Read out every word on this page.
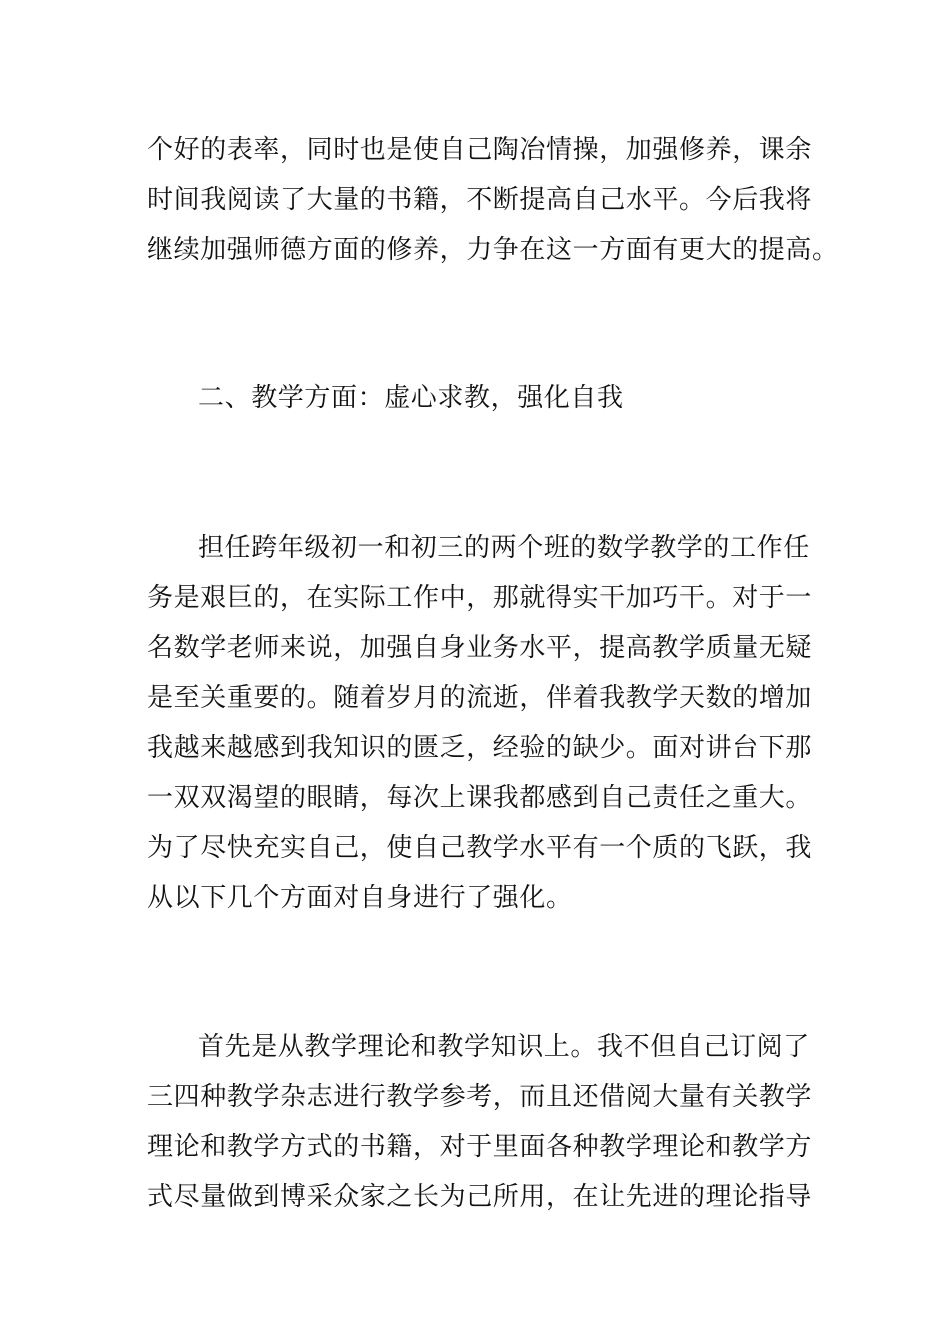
个好的表率，同时也是使自己陶冶情操，加强修养，课余
时间我阅读了大量的书籍，不断提高自己水平。今后我将
继续加强师德方面的修养，力争在这一方面有更大的提高。
二、教学方面：虚心求教，强化自我
担任跨年级初一和初三的两个班的数学教学的工作任
务是艰巨的，在实际工作中，那就得实干加巧干。对于一
名数学老师来说，加强自身业务水平，提高教学质量无疑
是至关重要的。随着岁月的流逝，伴着我教学天数的增加
我越来越感到我知识的匮乏，经验的缺少。面对讲台下那
一双双渴望的眼睛，每次上课我都感到自己责任之重大。
为了尽快充实自己，使自己教学水平有一个质的飞跃，我
从以下几个方面对自身进行了强化。
首先是从教学理论和教学知识上。我不但自己订阅了
三四种教学杂志进行教学参考，而且还借阅大量有关教学
理论和教学方式的书籍，对于里面各种教学理论和教学方
式尽量做到博采众家之长为己所用，在让先进的理论指导
